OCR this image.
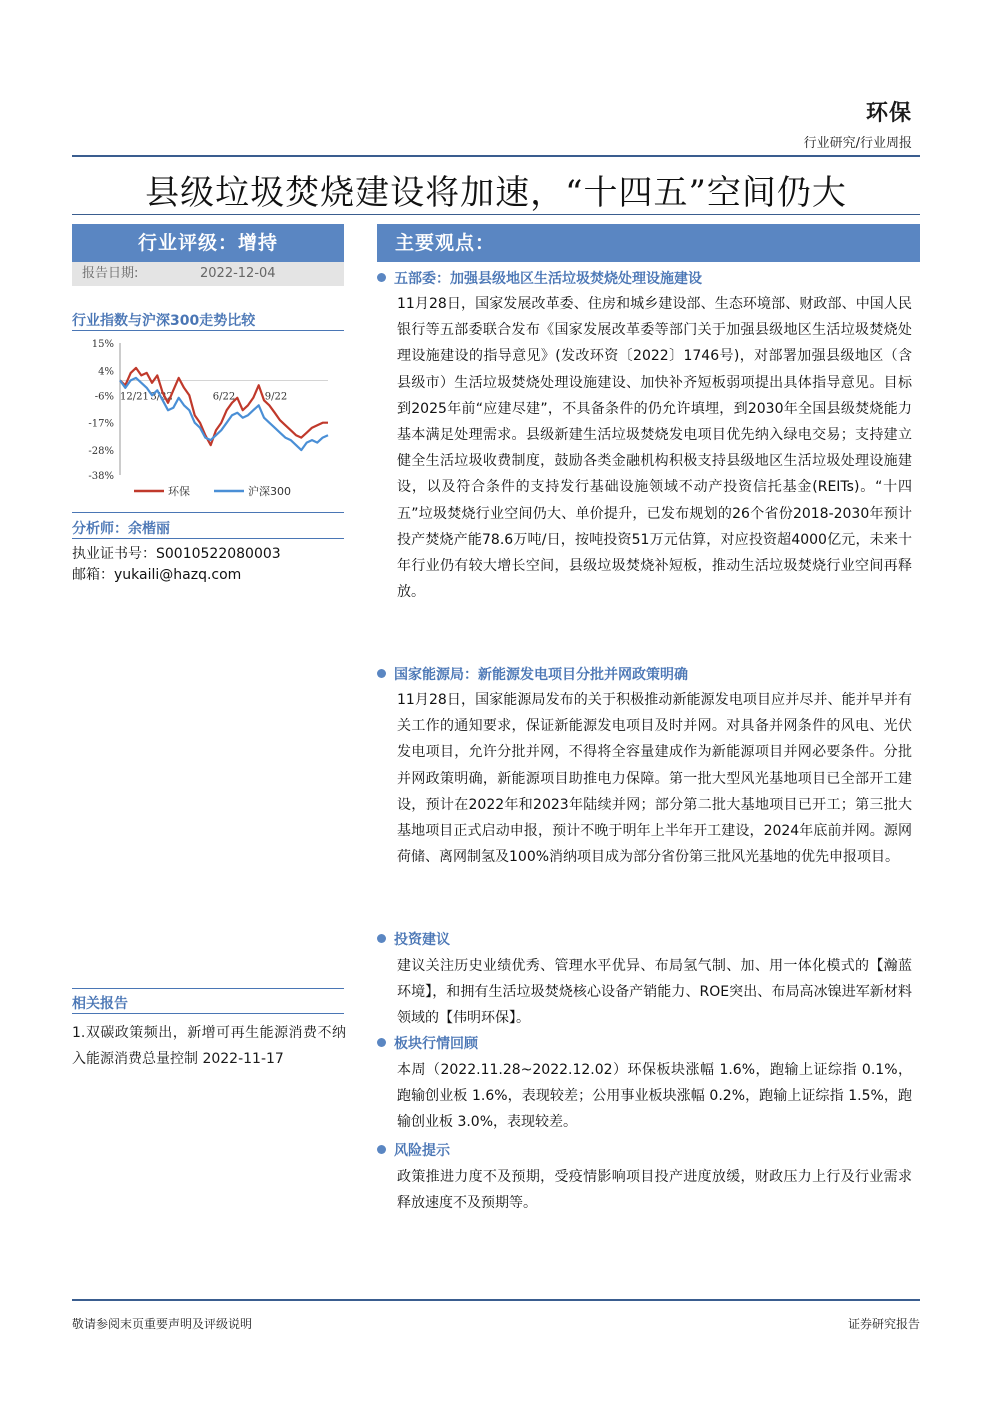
环保
行业研究/行业周报
县级垃圾焚烧建设将加速，“十四五”空间仍大
行业评级：增持
报告日期:	2022-12-04
行业指数与沪深300走势比较
15%
4%
-6%
-17%
-28%
-38%
12/21 3/22	6/22	9/22
环保	沪深300
分析师：余楷丽
执业证书号：S0010522080003
邮箱：yukaili@hazq.com
相关报告
1.双碳政策频出，新增可再生能源消费不纳入能源消费总量控制 2022-11-17
主要观点：
五部委：加强县级地区生活垃圾焚烧处理设施建设
11月28日，国家发展改革委、住房和城乡建设部、生态环境部、财政部、中国人民银行等五部委联合发布《国家发展改革委等部门关于加强县级地区生活垃圾焚烧处理设施建设的指导意见》(发改环资〔2022〕1746号)，对部署加强县级地区（含县级市）生活垃圾焚烧处理设施建设、加快补齐短板弱项提出具体指导意见。目标到2025年前“应建尽建”，不具备条件的仍允许填埋，到2030年全国县级焚烧能力基本满足处理需求。县级新建生活垃圾焚烧发电项目优先纳入绿电交易；支持建立健全生活垃圾收费制度，鼓励各类金融机构积极支持县级地区生活垃圾处理设施建设，以及符合条件的支持发行基础设施领域不动产投资信托基金(REITs)。“十四五”垃圾焚烧行业空间仍大、单价提升，已发布规划的26个省份2018-2030年预计投产焚烧产能78.6万吨/日，按吨投资51万元估算，对应投资超4000亿元，未来十年行业仍有较大增长空间，县级垃圾焚烧补短板，推动生活垃圾焚烧行业空间再释放。
国家能源局：新能源发电项目分批并网政策明确
11月28日，国家能源局发布的关于积极推动新能源发电项目应并尽并、能并早并有关工作的通知要求，保证新能源发电项目及时并网。对具备并网条件的风电、光伏发电项目，允许分批并网，不得将全容量建成作为新能源项目并网必要条件。分批并网政策明确，新能源项目助推电力保障。第一批大型风光基地项目已全部开工建设，预计在2022年和2023年陆续并网；部分第二批大基地项目已开工；第三批大基地项目正式启动申报，预计不晚于明年上半年开工建设，2024年底前并网。源网荷储、离网制氢及100%消纳项目成为部分省份第三批风光基地的优先申报项目。
投资建议
建议关注历史业绩优秀、管理水平优异、布局氢气制、加、用一体化模式的【瀚蓝环境】，和拥有生活垃圾焚烧核心设备产销能力、ROE突出、布局高冰镍进军新材料领域的【伟明环保】。
板块行情回顾
本周（2022.11.28~2022.12.02）环保板块涨幅 1.6%，跑输上证综指 0.1%，跑输创业板 1.6%，表现较差；公用事业板块涨幅 0.2%，跑输上证综指 1.5%，跑输创业板 3.0%，表现较差。
风险提示
政策推进力度不及预期，受疫情影响项目投产进度放缓，财政压力上行及行业需求释放速度不及预期等。
敬请参阅末页重要声明及评级说明	证券研究报告
